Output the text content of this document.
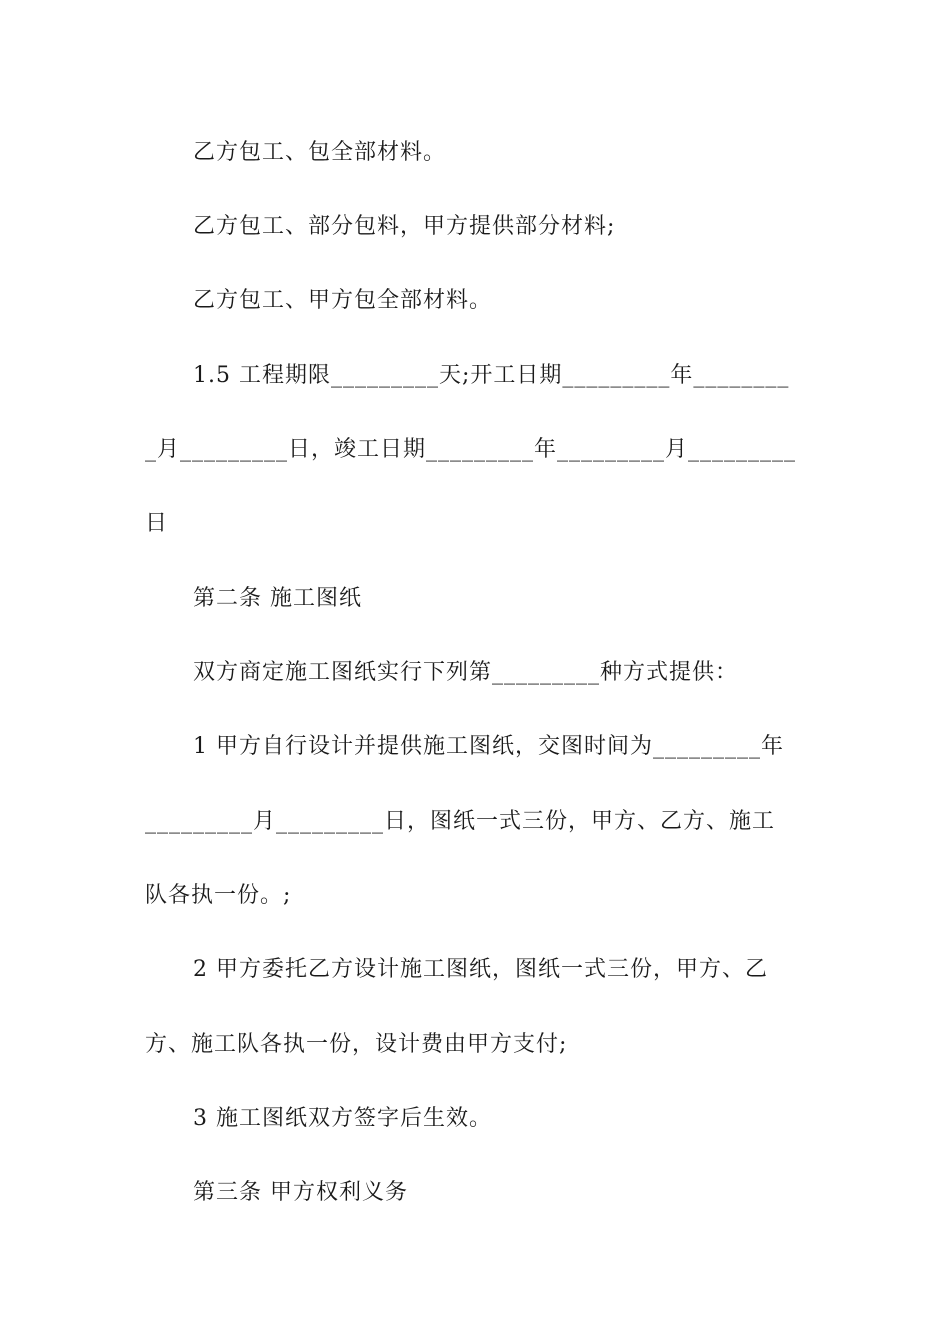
乙方包工、包全部材料。
乙方包工、部分包料，甲方提供部分材料;
乙方包工、甲方包全部材料。
1.5 工程期限_________天;开工日期_________年________
_月_________日，竣工日期_________年_________月_________
日
第二条 施工图纸
双方商定施工图纸实行下列第_________种方式提供：
1 甲方自行设计并提供施工图纸，交图时间为_________年
_________月_________日，图纸一式三份，甲方、乙方、施工
队各执一份。;
2 甲方委托乙方设计施工图纸，图纸一式三份，甲方、乙
方、施工队各执一份，设计费由甲方支付;
3 施工图纸双方签字后生效。
第三条 甲方权利义务
